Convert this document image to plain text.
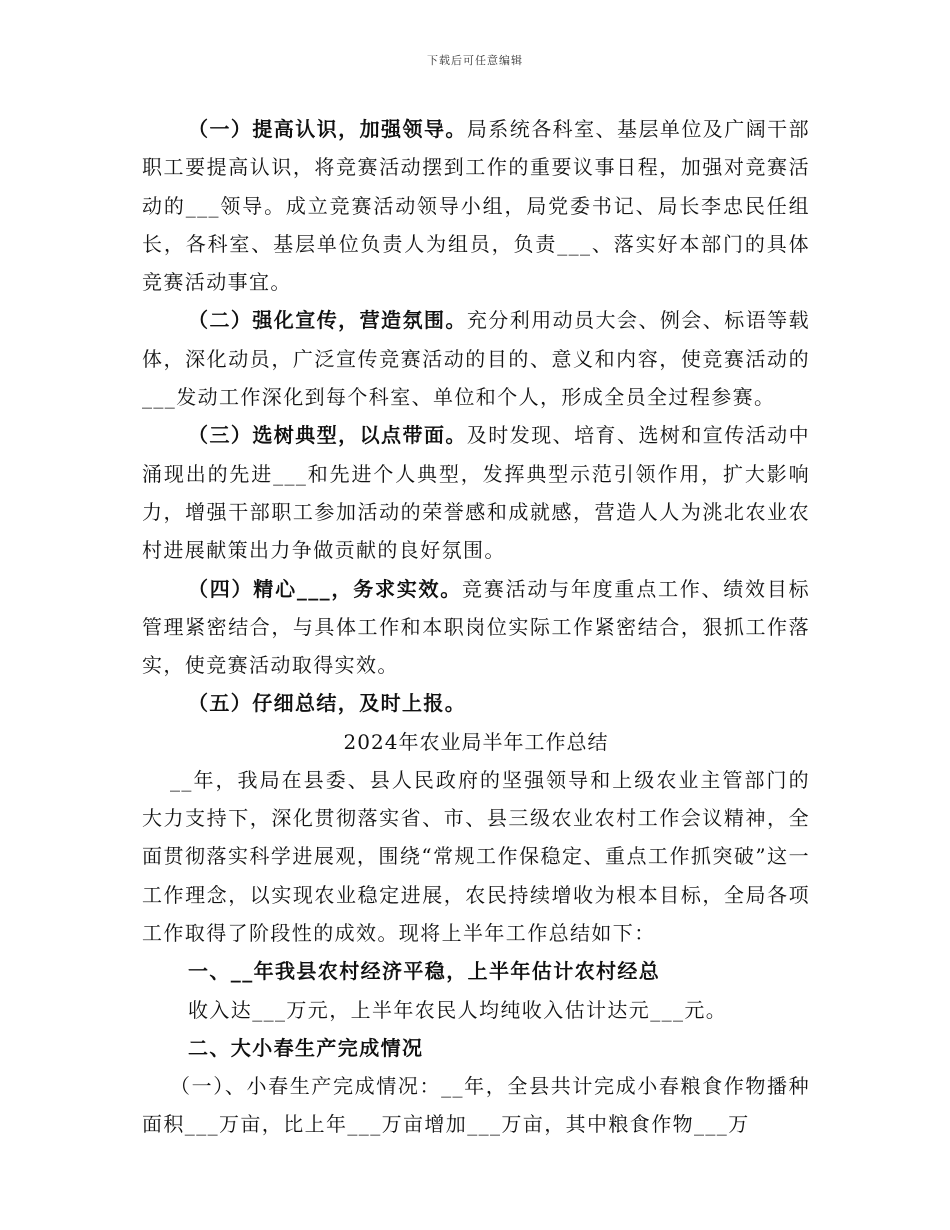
下载后可任意编辑

（一）提高认识，加强领导。局系统各科室、基层单位及广阔干部职工要提高认识，将竞赛活动摆到工作的重要议事日程，加强对竞赛活动的___领导。成立竞赛活动领导小组，局党委书记、局长李忠民任组长，各科室、基层单位负责人为组员，负责___、落实好本部门的具体竞赛活动事宜。

（二）强化宣传，营造氛围。充分利用动员大会、例会、标语等载体，深化动员，广泛宣传竞赛活动的目的、意义和内容，使竞赛活动的___发动工作深化到每个科室、单位和个人，形成全员全过程参赛。

（三）选树典型，以点带面。及时发现、培育、选树和宣传活动中涌现出的先进___和先进个人典型，发挥典型示范引领作用，扩大影响力，增强干部职工参加活动的荣誉感和成就感，营造人人为洮北农业农村进展献策出力争做贡献的良好氛围。

（四）精心___，务求实效。竞赛活动与年度重点工作、绩效目标管理紧密结合，与具体工作和本职岗位实际工作紧密结合，狠抓工作落实，使竞赛活动取得实效。

（五）仔细总结，及时上报。

2024年农业局半年工作总结

__年，我局在县委、县人民政府的坚强领导和上级农业主管部门的大力支持下，深化贯彻落实省、市、县三级农业农村工作会议精神，全面贯彻落实科学进展观，围绕“常规工作保稳定、重点工作抓突破”这一工作理念，以实现农业稳定进展，农民持续增收为根本目标，全局各项工作取得了阶段性的成效。现将上半年工作总结如下：

一、__年我县农村经济平稳，上半年估计农村经总

收入达___万元，上半年农民人均纯收入估计达元___元。

二、大小春生产完成情况

（一）、小春生产完成情况：__年，全县共计完成小春粮食作物播种面积___万亩，比上年___万亩增加___万亩，其中粮食作物___万
